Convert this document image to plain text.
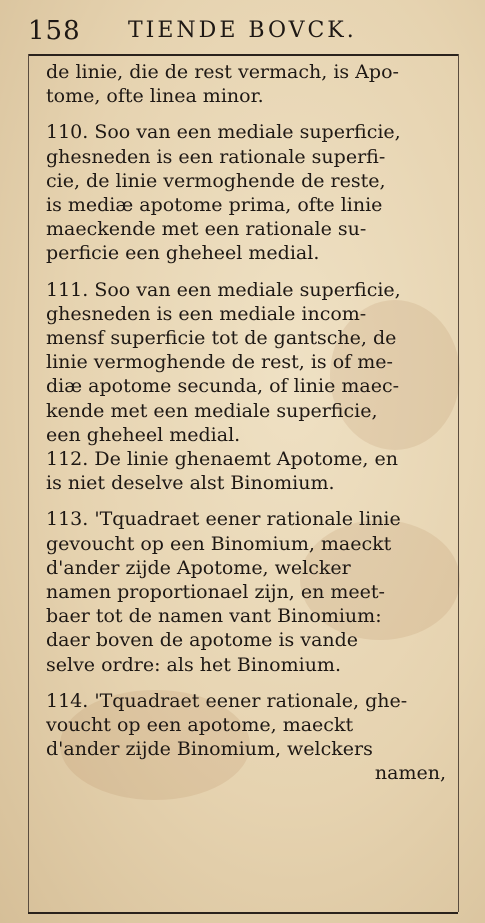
158 TIENDE BOVCK.
de linie, die de rest vermach, is Apo-
tome, ofte linea minor.
110. Soo van een mediale superficie,
ghesneden is een rationale superfi-
cie, de linie vermoghende de reste,
is mediæ apotome prima, ofte linie
maeckende met een rationale su-
perficie een gheheel medial.
111. Soo van een mediale superficie,
ghesneden is een mediale incom-
mensf superficie tot de gantsche, de
linie vermoghende de rest, is of me-
diæ apotome secunda, of linie maec-
kende met een mediale superficie,
een gheheel medial.
112. De linie ghenaemt Apotome, en
is niet deselve alst Binomium.
113. 'Tquadraet eener rationale linie
gevoucht op een Binomium, maeckt
d'ander zijde Apotome, welcker
namen proportionael zijn, en meet-
baer tot de namen vant Binomium:
daer boven de apotome is vande
selve ordre: als het Binomium.
114. 'Tquadraet eener rationale, ghe-
voucht op een apotome, maeckt
d'ander zijde Binomium, welckers
namen,
